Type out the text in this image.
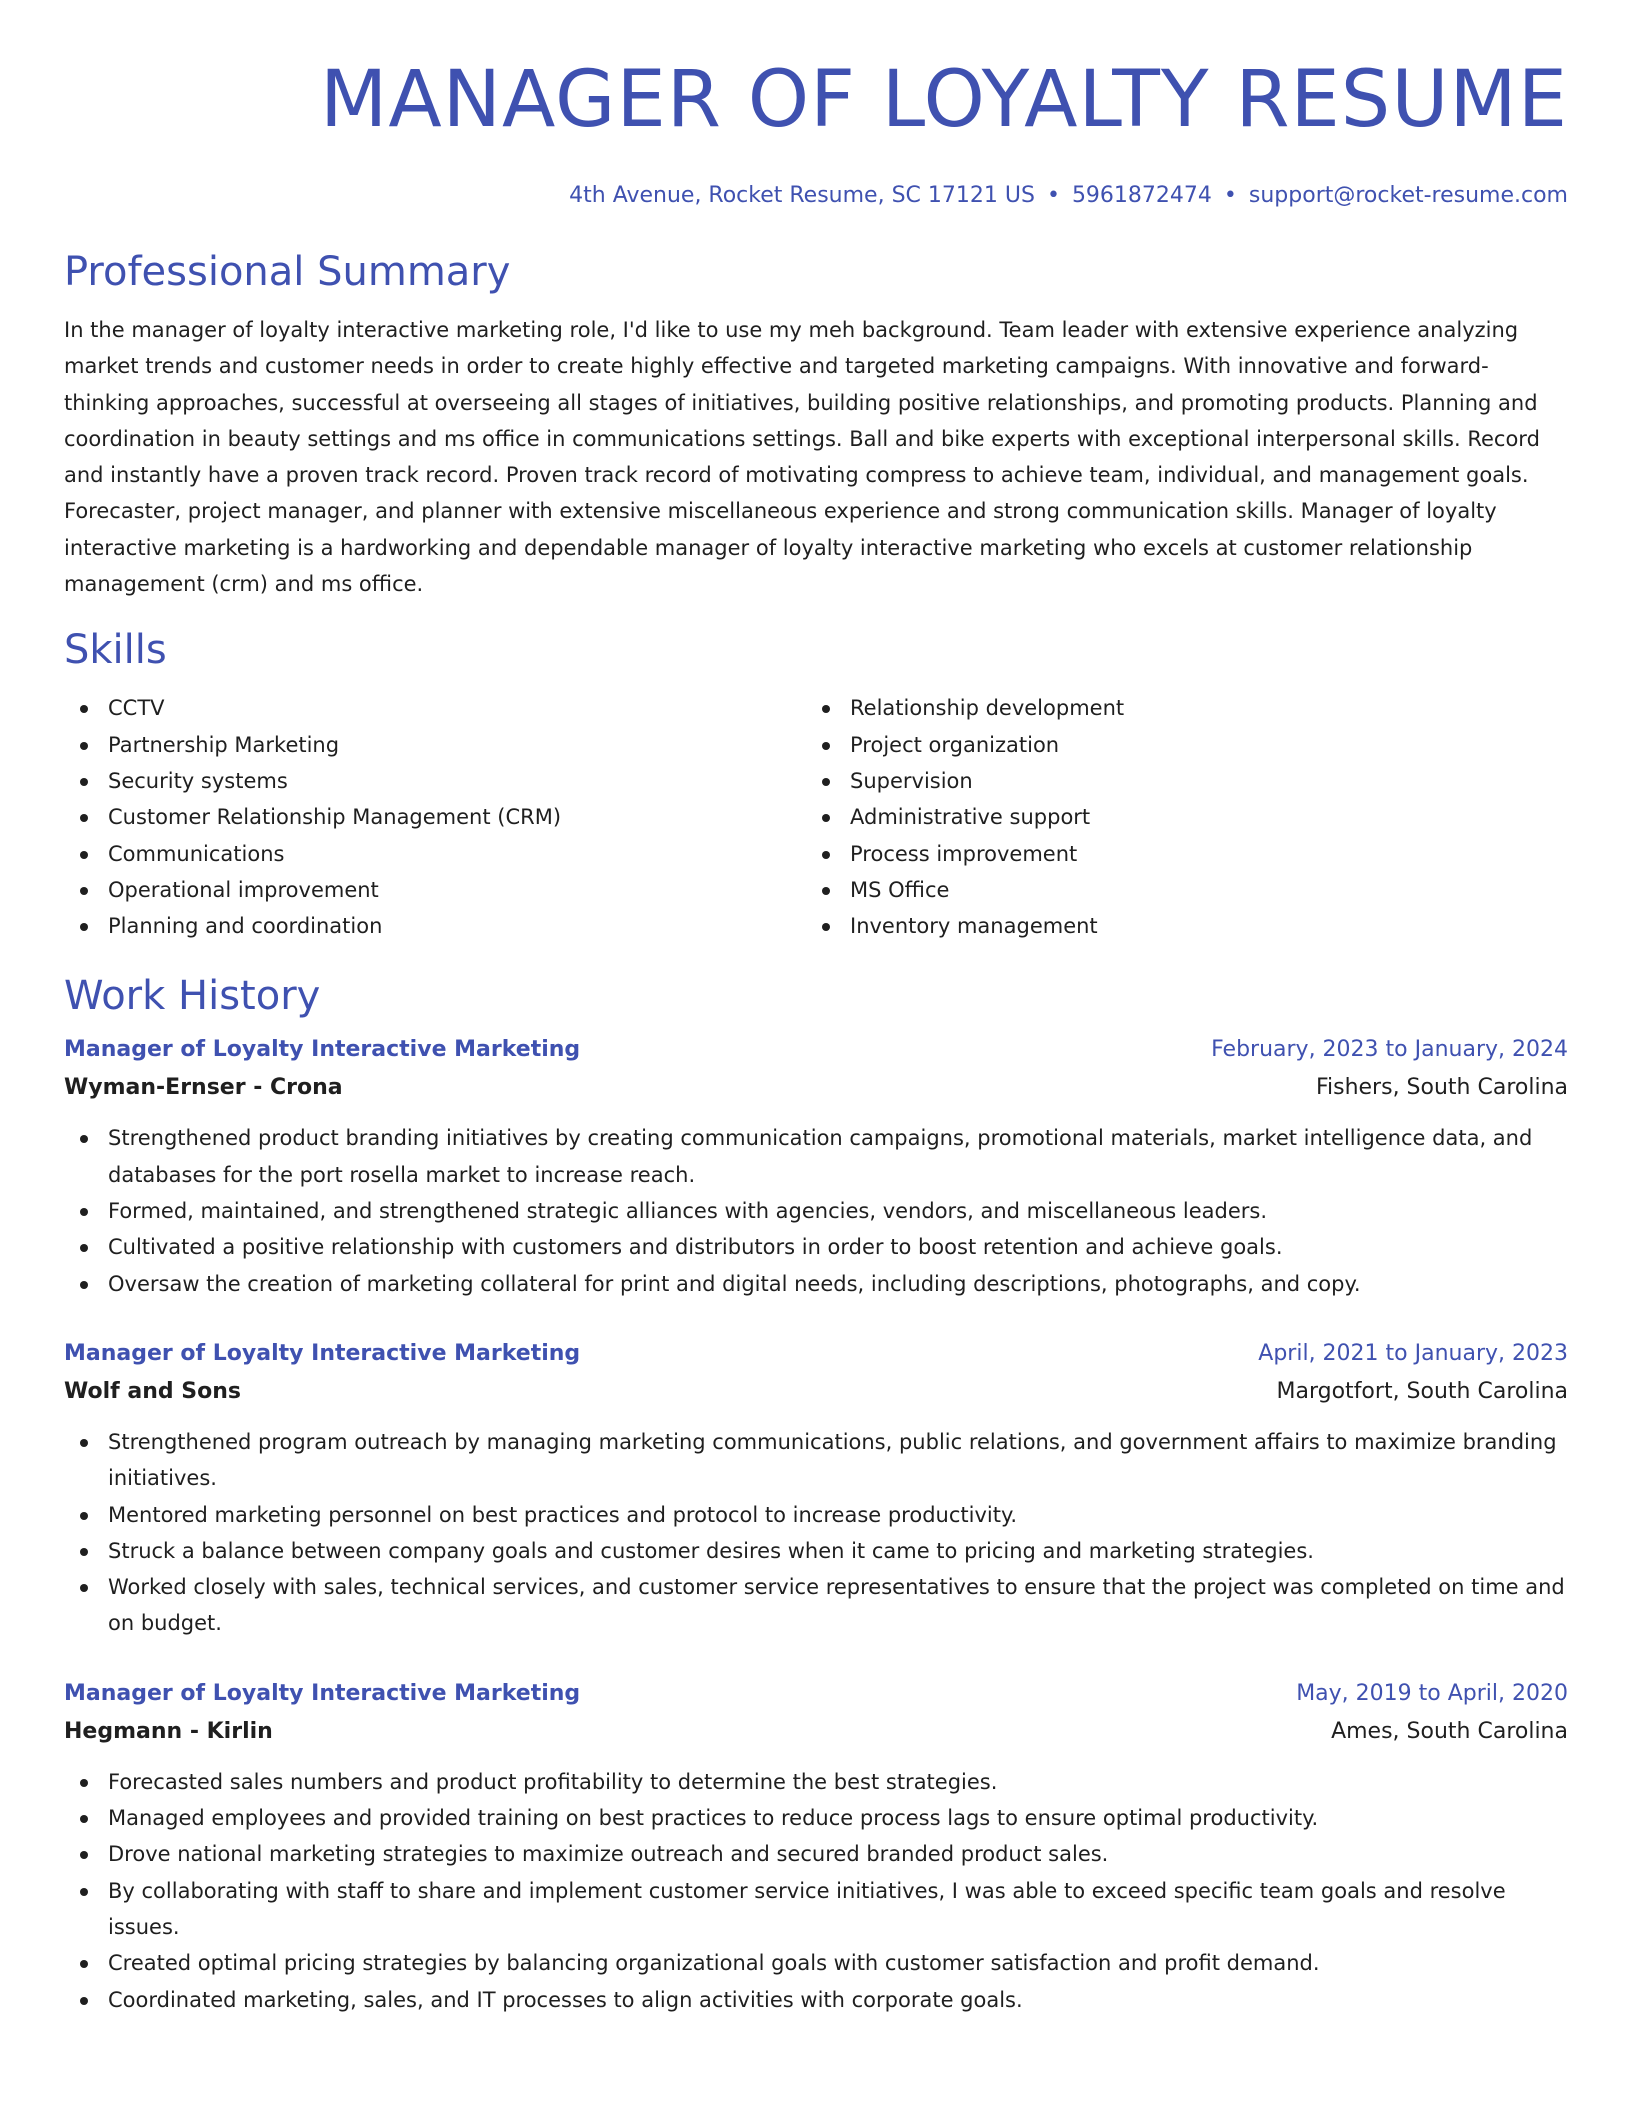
MANAGER OF LOYALTY RESUME
4th Avenue, Rocket Resume, SC 17121 US • 5961872474 • support@rocket-resume.com
Professional Summary

In the manager of loyalty interactive marketing role, I'd like to use my meh background. Team leader with extensive experience analyzing market trends and customer needs in order to create highly effective and targeted marketing campaigns. With innovative and forward-thinking approaches, successful at overseeing all stages of initiatives, building positive relationships, and promoting products. Planning and coordination in beauty settings and ms office in communications settings. Ball and bike experts with exceptional interpersonal skills. Record and instantly have a proven track record. Proven track record of motivating compress to achieve team, individual, and management goals. Forecaster, project manager, and planner with extensive miscellaneous experience and strong communication skills. Manager of loyalty interactive marketing is a hardworking and dependable manager of loyalty interactive marketing who excels at customer relationship management (crm) and ms office.

Skills
CCTV
Partnership Marketing
Security systems
Customer Relationship Management (CRM)
Communications
Operational improvement
Planning and coordination
Relationship development
Project organization
Supervision
Administrative support
Process improvement
MS Office
Inventory management
Work History
Manager of Loyalty Interactive Marketing	February, 2023 to January, 2024
Wyman-Ernser - Crona	Fishers, South Carolina
Strengthened product branding initiatives by creating communication campaigns, promotional materials, market intelligence data, and databases for the port rosella market to increase reach.
Formed, maintained, and strengthened strategic alliances with agencies, vendors, and miscellaneous leaders.
Cultivated a positive relationship with customers and distributors in order to boost retention and achieve goals.
Oversaw the creation of marketing collateral for print and digital needs, including descriptions, photographs, and copy.
Manager of Loyalty Interactive Marketing	April, 2021 to January, 2023
Wolf and Sons	Margotfort, South Carolina
Strengthened program outreach by managing marketing communications, public relations, and government affairs to maximize branding initiatives.
Mentored marketing personnel on best practices and protocol to increase productivity.
Struck a balance between company goals and customer desires when it came to pricing and marketing strategies.
Worked closely with sales, technical services, and customer service representatives to ensure that the project was completed on time and on budget.
Manager of Loyalty Interactive Marketing	May, 2019 to April, 2020
Hegmann - Kirlin	Ames, South Carolina
Forecasted sales numbers and product profitability to determine the best strategies.
Managed employees and provided training on best practices to reduce process lags to ensure optimal productivity.
Drove national marketing strategies to maximize outreach and secured branded product sales.
By collaborating with staff to share and implement customer service initiatives, I was able to exceed specific team goals and resolve issues.
Created optimal pricing strategies by balancing organizational goals with customer satisfaction and profit demand.
Coordinated marketing, sales, and IT processes to align activities with corporate goals.
